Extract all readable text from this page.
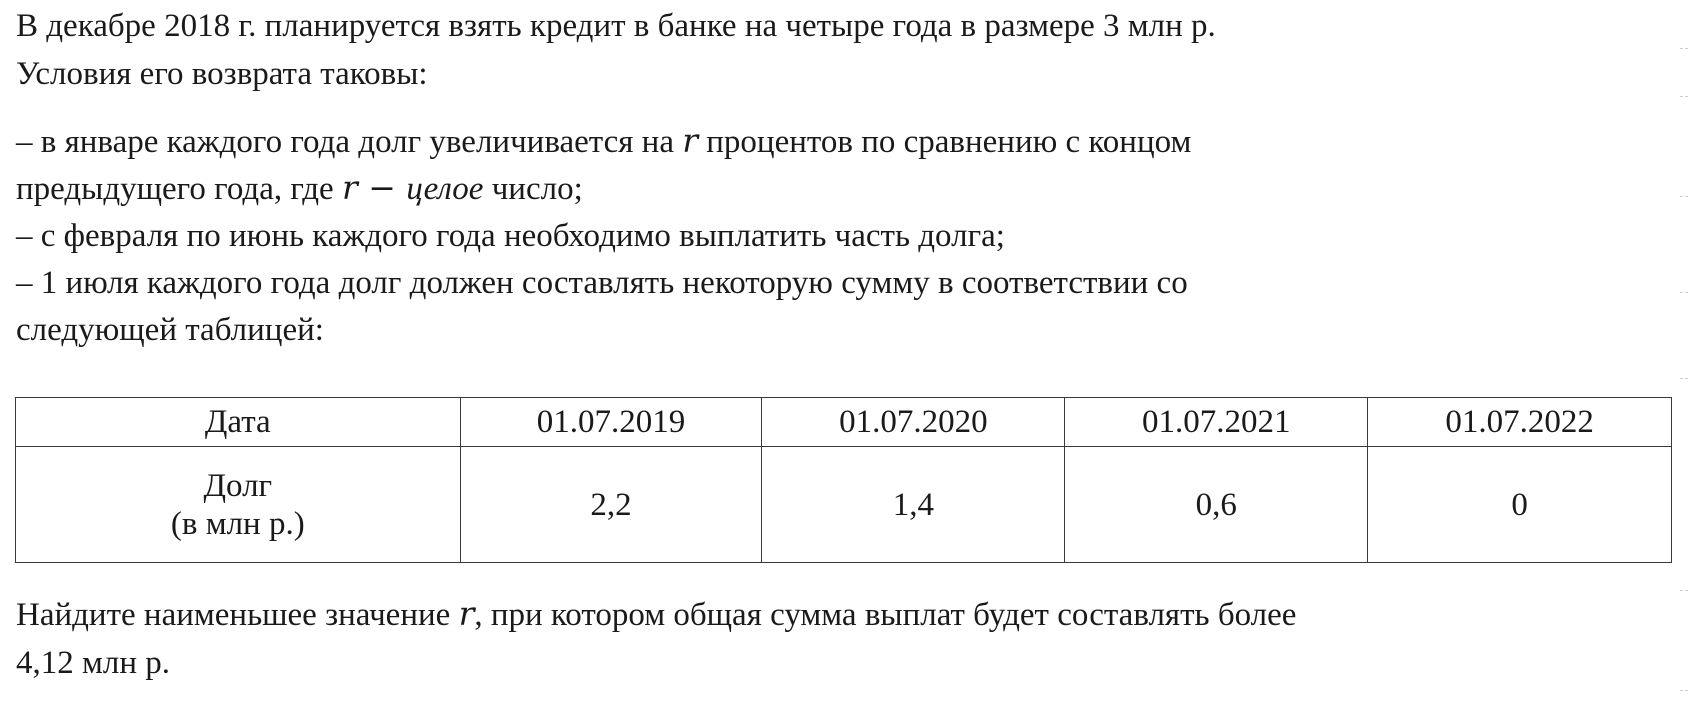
В декабре 2018 г. планируется взять кредит в банке на четыре года в размере 3 млн р.
Условия его возврата таковы:
– в январе каждого года долг увеличивается на r процентов по сравнению с концом
предыдущего года, где r − целое число;
– с февраля по июнь каждого года необходимо выплатить часть долга;
– 1 июля каждого года долг должен составлять некоторую сумму в соответствии со
следующей таблицей:
Дата	01.07.2019	01.07.2020	01.07.2021	01.07.2022

Долг
(в млн р.)	2,2	1,4	0,6	0
Найдите наименьшее значение r, при котором общая сумма выплат будет составлять более
4,12 млн р.
